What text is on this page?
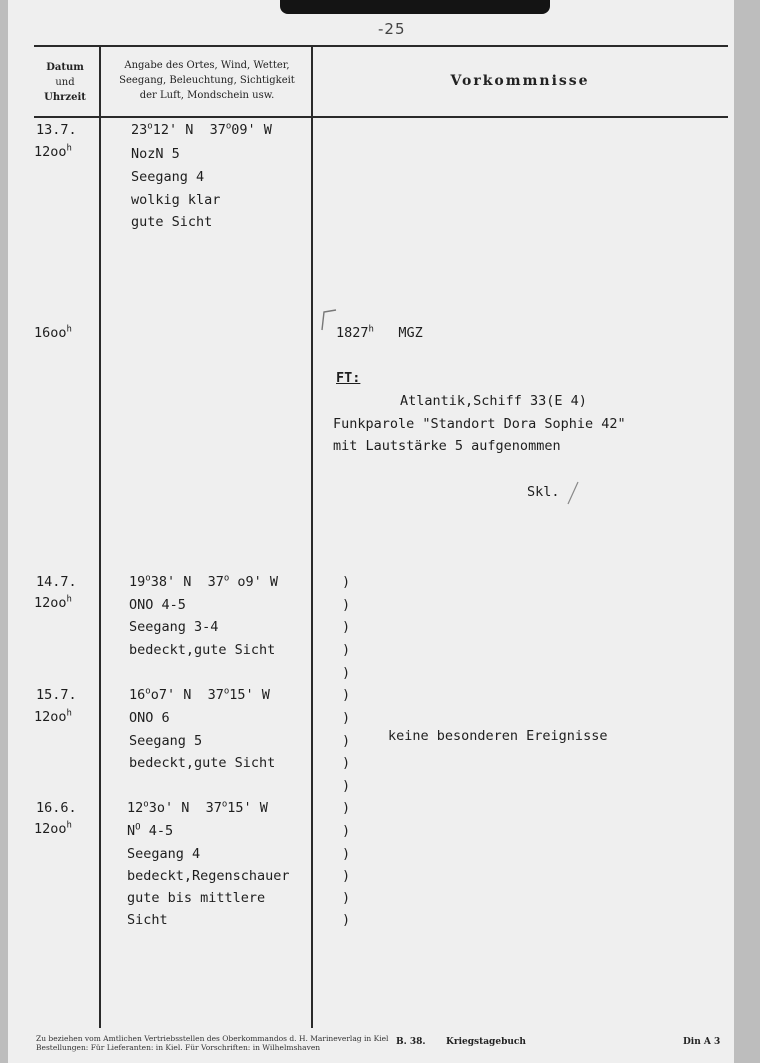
-25
Datum
und
Uhrzeit
Angabe des Ortes, Wind, Wetter,
Seegang, Beleuchtung, Sichtigkeit
der Luft, Mondschein usw.
Vorkommnisse
13.7.
$12oo^h$
23$^o$12' N 37$^o$09' W
NozN 5
Seegang 4
wolkig klar
gute Sicht
$16oo^h$	1827$^h$ MGZ
FT:
Atlantik,Schiff 33(E 4)
Funkparole "Standort Dora Sophie 42"
mit Lautstärke 5 aufgenommen
Skl.
14.7.
$12oo^h$
19$^o$38' N 37$^o$ o9' W
ONO 4-5
Seegang 3-4
bedeckt,gute Sicht
15.7.
$12oo^h$
16$^o$o7' N 37$^o$15' W
ONO 6
Seegang 5
bedeckt,gute Sicht
keine besonderen Ereignisse
16.6.
$12oo^h$
12$^o$3o' N 37$^o$15' W
$N^O$ 4-5
Seegang 4
bedeckt,Regenschauer
gute bis mittlere
Sicht
)
)
)
)
)
)
)
)
)
)
)
)
)
)
)
)
Zu beziehen vom Amtlichen Vertriebsstellen des Oberkommandos d. H. Marineverlag in Kiel
Bestellungen: Für Lieferanten: in Kiel. Für Vorschriften: in Wilhelmshaven
B. 38. Kriegstagebuch	Din A 3
